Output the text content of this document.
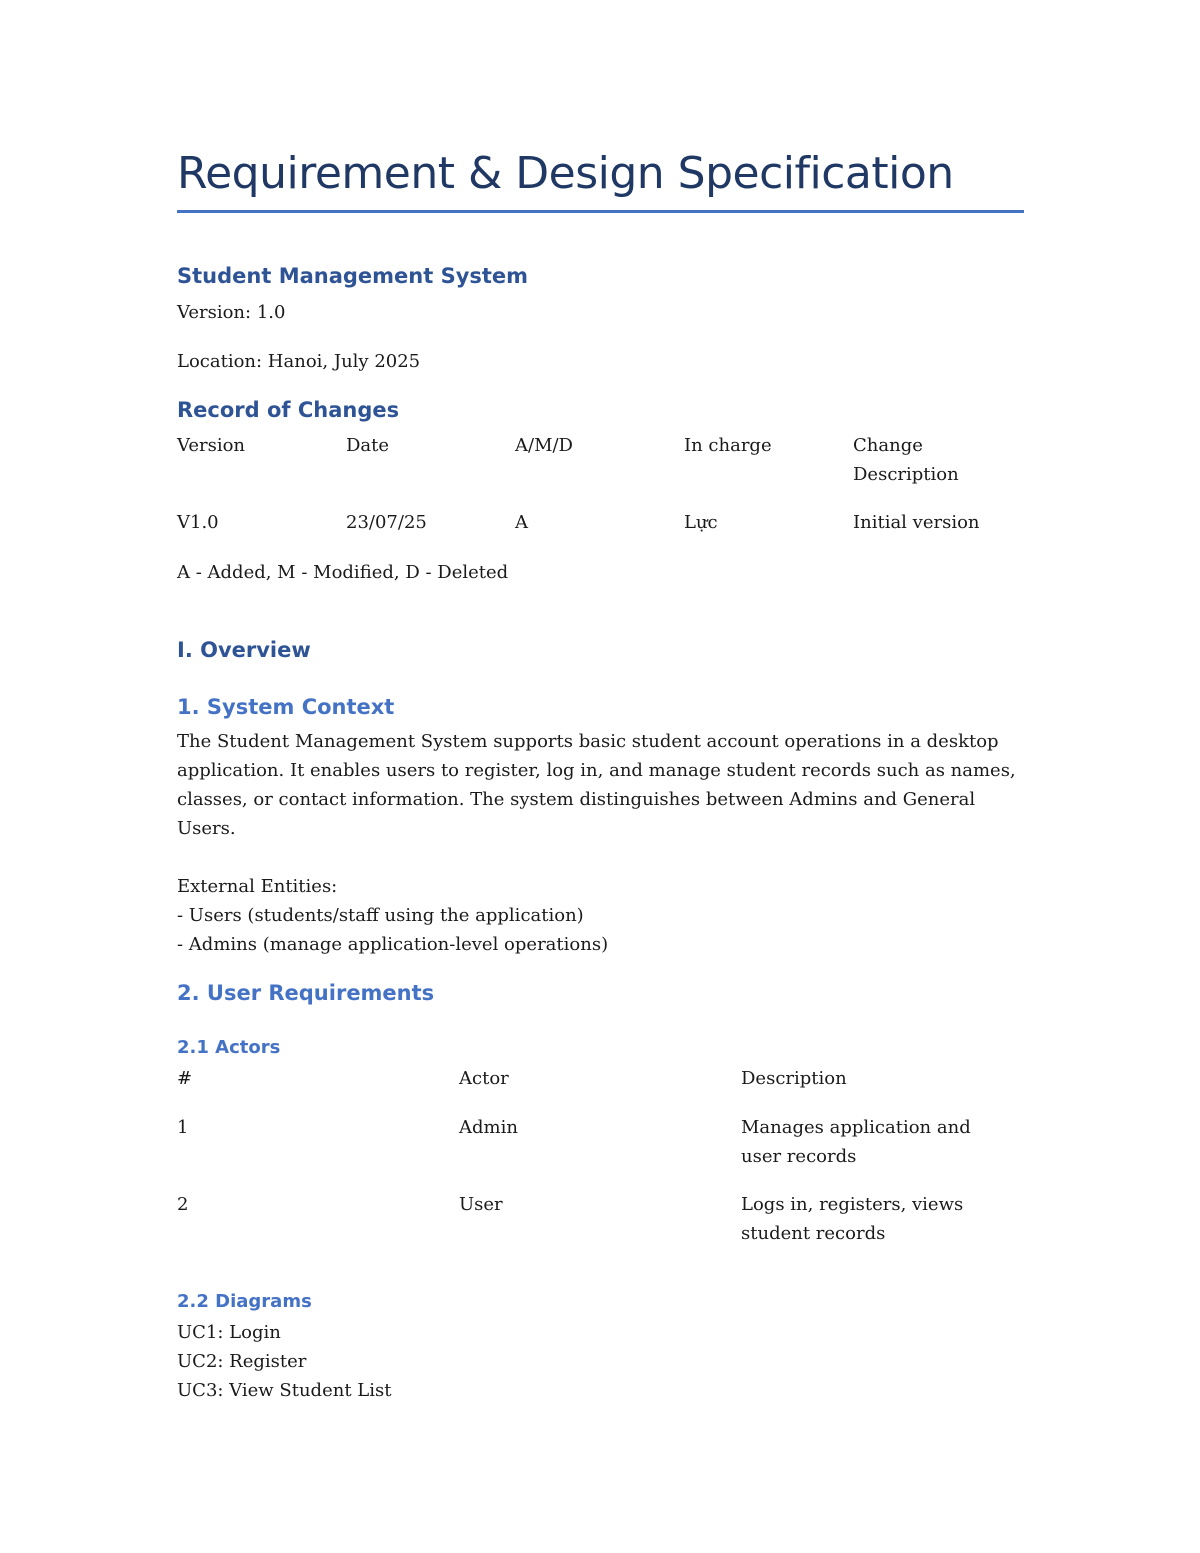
Requirement & Design Specification
Student Management System
Version: 1.0
Location: Hanoi, July 2025
Record of Changes
Version	Date	A/M/D	In charge	Change Description
V1.0	23/07/25	A	Lực	Initial version
A - Added, M - Modified, D - Deleted
I. Overview
1. System Context
The Student Management System supports basic student account operations in a desktop
application. It enables users to register, log in, and manage student records such as names,
classes, or contact information. The system distinguishes between Admins and General
Users.
External Entities:
- Users (students/staff using the application)
- Admins (manage application-level operations)
2. User Requirements
2.1 Actors
#	Actor	Description
1	Admin	Manages application and user records
2	User	Logs in, registers, views student records
2.2 Diagrams
UC1: Login
UC2: Register
UC3: View Student List
